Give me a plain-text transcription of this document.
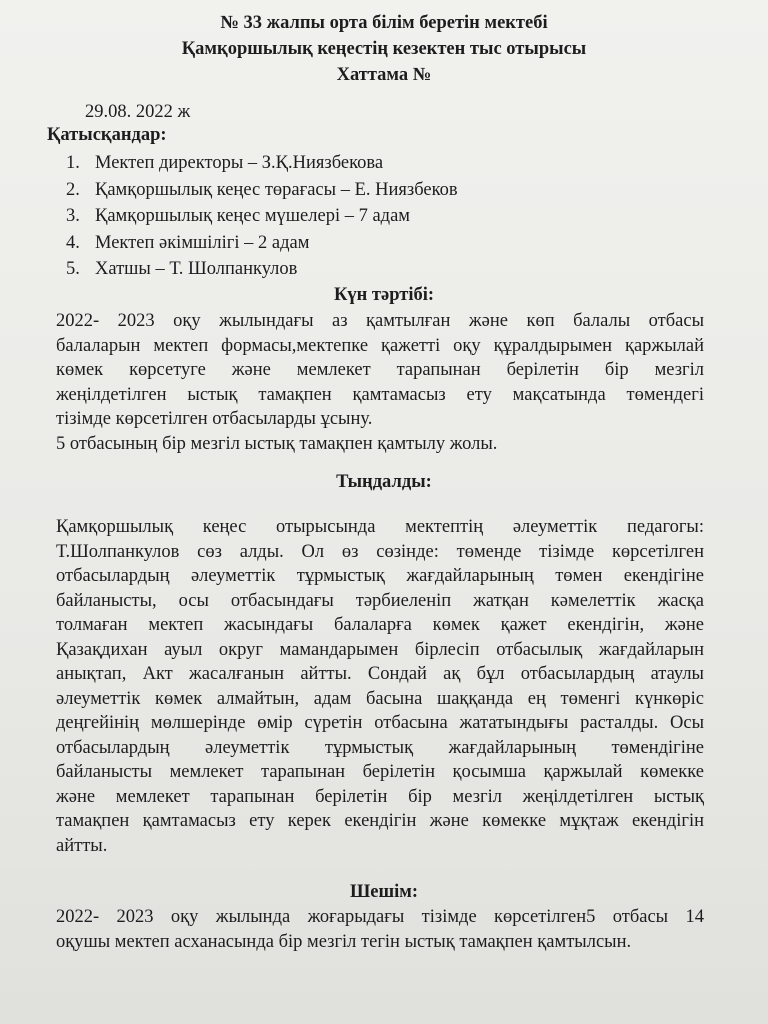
№ 33 жалпы орта білім беретін мектебі
Қамқоршылық кеңестің кезектен тыс отырысы
Хаттама №
29.08. 2022 ж
Қатысқандар:
1. Мектеп директоры – З.Қ.Ниязбекова
2. Қамқоршылық кеңес төрағасы – Е. Ниязбеков
3. Қамқоршылық кеңес мүшелері – 7 адам
4. Мектеп әкімшілігі – 2 адам
5. Хатшы – Т. Шолпанкулов
Күн тәртібі:
2022- 2023 оқу жылындағы аз қамтылған және көп балалы отбасы
балаларын мектеп формасы,мектепке қажетті оқу құралдырымен қаржылай
көмек көрсетуге және мемлекет тарапынан берілетін бір мезгіл
жеңілдетілген ыстық тамақпен қамтамасыз ету мақсатында төмендегі
тізімде көрсетілген отбасыларды ұсыну.
5 отбасының бір мезгіл ыстық тамақпен қамтылу жолы.
Тыңдалды:
Қамқоршылық кеңес отырысында мектептің әлеуметтік педагогы:
Т.Шолпанкулов сөз алды. Ол өз сөзінде: төменде тізімде көрсетілген
отбасылардың әлеуметтік тұрмыстық жағдайларының төмен екендігіне
байланысты, осы отбасындағы тәрбиеленіп жатқан кәмелеттік жасқа
толмаған мектеп жасындағы балаларға көмек қажет екендігін, және
Қазақдихан ауыл округ мамандарымен бірлесіп отбасылық жағдайларын
анықтап, Акт жасалғанын айтты. Сондай ақ бұл отбасылардың атаулы
әлеуметтік көмек алмайтын, адам басына шаққанда ең төменгі күнкөріс
деңгейінің мөлшерінде өмір сүретін отбасына жататындығы расталды. Осы
отбасылардың әлеуметтік тұрмыстық жағдайларының төмендігіне
байланысты мемлекет тарапынан берілетін қосымша қаржылай көмекке
және мемлекет тарапынан берілетін бір мезгіл жеңілдетілген ыстық
тамақпен қамтамасыз ету керек екендігін және көмекке мұқтаж екендігін
айтты.
Шешім:
2022- 2023 оқу жылында жоғарыдағы тізімде көрсетілген5 отбасы 14
оқушы мектеп асханасында бір мезгіл тегін ыстық тамақпен қамтылсын.
